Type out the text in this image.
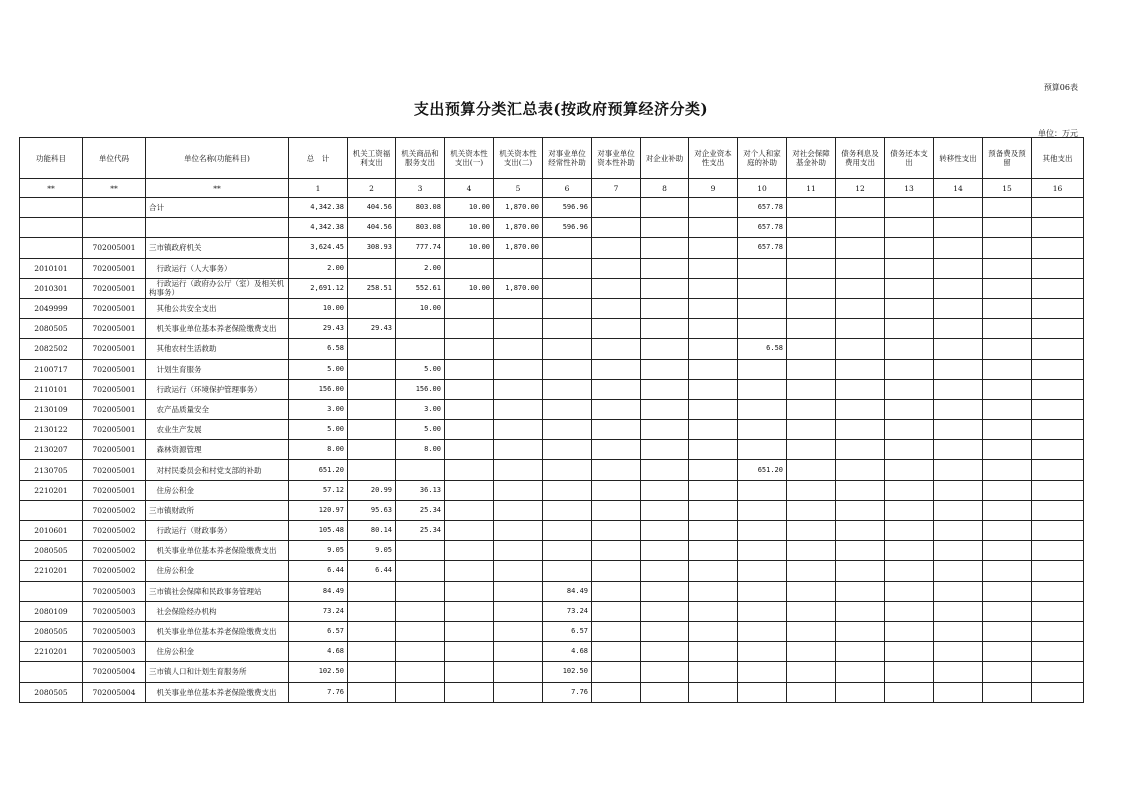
预算06表
支出预算分类汇总表(按政府预算经济分类)
单位：万元
功能科目	单位代码	单位名称(功能科目)	总　计	机关工资福利支出	机关商品和服务支出	机关资本性支出(一)	机关资本性支出(二)	对事业单位经常性补助	对事业单位资本性补助	对企业补助	对企业资本性支出	对个人和家庭的补助	对社会保障基金补助	债务利息及费用支出	债务还本支出	转移性支出	预备费及预留	其他支出
**	**	**	1	2	3	4	5	6	7	8	9	10	11	12	13	14	15	16
		合计	4,342.38	404.56	803.08	10.00	1,870.00	596.96				657.78						
			4,342.38	404.56	803.08	10.00	1,870.00	596.96				657.78						
	702005001	三市镇政府机关	3,624.45	308.93	777.74	10.00	1,870.00					657.78						
2010101	702005001	　行政运行（人大事务）	2.00		2.00													
2010301	702005001	　行政运行（政府办公厅（室）及相关机构事务）	2,691.12	258.51	552.61	10.00	1,870.00											
2049999	702005001	　其他公共安全支出	10.00		10.00													
2080505	702005001	　机关事业单位基本养老保险缴费支出	29.43	29.43														
2082502	702005001	　其他农村生活救助	6.58									6.58						
2100717	702005001	　计划生育服务	5.00		5.00													
2110101	702005001	　行政运行（环境保护管理事务）	156.00		156.00													
2130109	702005001	　农产品质量安全	3.00		3.00													
2130122	702005001	　农业生产发展	5.00		5.00													
2130207	702005001	　森林资源管理	8.00		8.00													
2130705	702005001	　对村民委员会和村党支部的补助	651.20									651.20						
2210201	702005001	　住房公积金	57.12	20.99	36.13													
	702005002	三市镇财政所	120.97	95.63	25.34													
2010601	702005002	　行政运行（财政事务）	105.48	80.14	25.34													
2080505	702005002	　机关事业单位基本养老保险缴费支出	9.05	9.05														
2210201	702005002	　住房公积金	6.44	6.44														
	702005003	三市镇社会保障和民政事务管理站	84.49					84.49										
2080109	702005003	　社会保险经办机构	73.24					73.24										
2080505	702005003	　机关事业单位基本养老保险缴费支出	6.57					6.57										
2210201	702005003	　住房公积金	4.68					4.68										
	702005004	三市镇人口和计划生育服务所	102.50					102.50										
2080505	702005004	　机关事业单位基本养老保险缴费支出	7.76					7.76										
